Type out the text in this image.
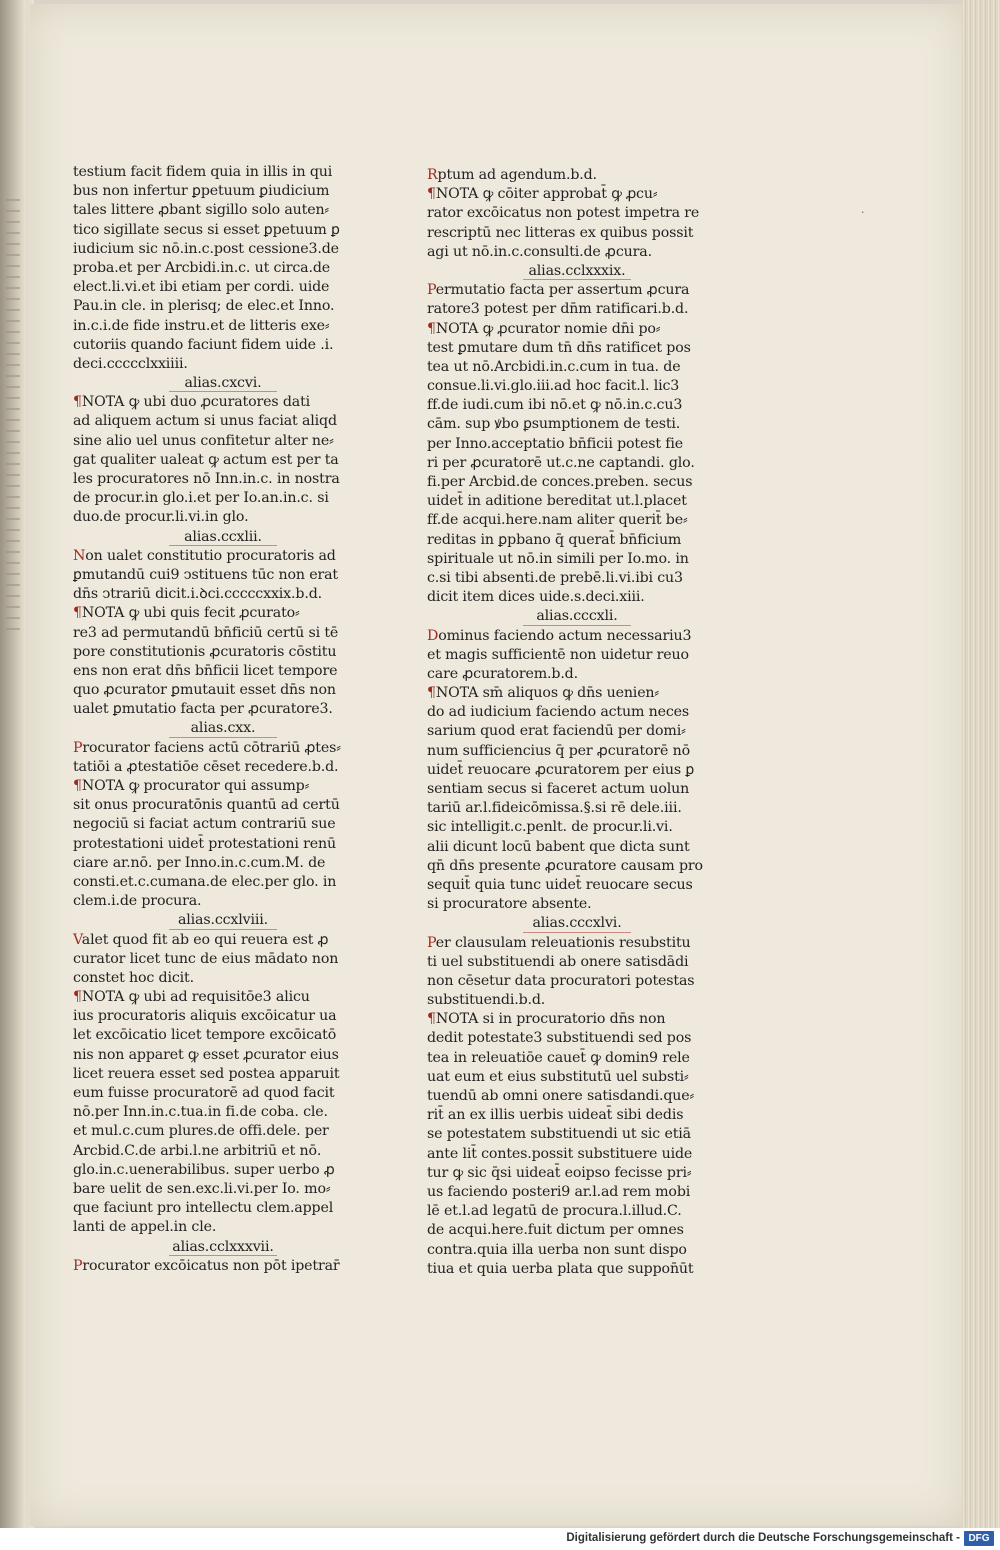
·
testium facit fidem quia in illis in qui
bus non infertur ꝑpetuum ꝑiudicium
tales littere ꝓbant sigillo solo auten⸗
tico sigillate secus si esset ꝑpetuum ꝑ
iudicium sic nō.in.c.post cessione3.de
proba.et per Arcbidi.in.c. ut circa.de
elect.li.vi.et ibi etiam per cordi. uide
Pau.in cle. in plerisq; de elec.et Inno.
in.c.i.de fide instru.et de litteris exe⸗
cutoriis quando faciunt fidem uide .i.
deci.ccccclxxiiii.
alias.cxcvi.
¶NOTA ꝙ ubi duo ꝓcuratores dati
ad aliquem actum si unus faciat aliqd
sine alio uel unus confitetur alter ne⸗
gat qualiter ualeat ꝙ actum est per ta
les procuratores nō Inn.in.c. in nostra
de procur.in glo.i.et per Io.an.in.c. si
duo.de procur.li.vi.in glo.
alias.ccxlii.
Non ualet constitutio procuratoris ad
ꝑmutandū cui9 ↄstituens tūc non erat
dn̄s ↄtrariū dicit.i.ꝺci.cccccxxix.b.d.
¶NOTA ꝙ ubi quis fecit ꝓcurato⸗
re3 ad permutandū bn̄ficiū certū si tē
pore constitutionis ꝓcuratoris cōstitu
ens non erat dn̄s bn̄ficii licet tempore
quo ꝓcurator ꝑmutauit esset dn̄s non
ualet ꝑmutatio facta per ꝓcuratore3.
alias.cxx.
Procurator faciens actū cōtrariū ꝓtes⸗
tatiōi a ꝓtestatiōe cēset recedere.b.d.
¶NOTA ꝙ procurator qui assump⸗
sit onus procuratōnis quantū ad certū
negociū si faciat actum contrariū sue
protestationi uidet̄ protestationi renū
ciare ar.nō. per Inno.in.c.cum.M. de
consti.et.c.cumana.de elec.per glo. in
clem.i.de procura.
alias.ccxlviii.
Valet quod fit ab eo qui reuera est ꝓ
curator licet tunc de eius mādato non
constet hoc dicit.
¶NOTA ꝙ ubi ad requisitōe3 alicu
ius procuratoris aliquis excōicatur ua
let excōicatio licet tempore excōicatō
nis non apparet ꝙ esset ꝓcurator eius
licet reuera esset sed postea apparuit
eum fuisse procuratorē ad quod facit
nō.per Inn.in.c.tua.in fi.de coba. cle.
et mul.c.cum plures.de offi.dele. per
Arcbid.C.de arbi.l.ne arbitriū et nō.
glo.in.c.uenerabilibus. super uerbo ꝓ
bare uelit de sen.exc.li.vi.per Io. mo⸗
que faciunt pro intellectu clem.appel
lanti de appel.in cle.
alias.cclxxxvii.
Procurator excōicatus non pōt ipetrar̄
Rptum ad agendum.b.d.
¶NOTA ꝙ cōiter approbat̄ ꝙ ꝓcu⸗
rator excōicatus non potest impetra re
rescriptū nec litteras ex quibus possit
agi ut nō.in.c.consulti.de ꝓcura.
alias.cclxxxix.
Permutatio facta per assertum ꝓcura
ratore3 potest per dn̄m ratificari.b.d.
¶NOTA ꝙ ꝓcurator nomie dn̄i po⸗
test ꝑmutare dum tn̄ dn̄s ratificet pos
tea ut nō.Arcbidi.in.c.cum in tua. de
consue.li.vi.glo.iii.ad hoc facit.l. lic3
ff.de iudi.cum ibi nō.et ꝙ nō.in.c.cu3
cām. sup ꝟbo ꝑsumptionem de testi.
per Inno.acceptatio bn̄ficii potest fie
ri per ꝓcuratorē ut.c.ne captandi. glo.
fi.per Arcbid.de conces.preben. secus
uidet̄ in aditione bereditat ut.l.placet
ff.de acqui.here.nam aliter querit̄ be⸗
reditas in ꝑpbano q̄ querat̄ bn̄ficium
spirituale ut nō.in simili per Io.mo. in
c.si tibi absenti.de prebē.li.vi.ibi cu3
dicit item dices uide.s.deci.xiii.
alias.cccxli.
Dominus faciendo actum necessariu3
et magis sufficientē non uidetur reuo
care ꝓcuratorem.b.d.
¶NOTA sm̄ aliquos ꝙ dn̄s uenien⸗
do ad iudicium faciendo actum neces
sarium quod erat faciendū per domi⸗
num sufficiencius q̄ per ꝓcuratorē nō
uidet̄ reuocare ꝓcuratorem per eius ꝑ
sentiam secus si faceret actum uolun
tariū ar.l.fideicōmissa.§.si rē dele.iii.
sic intelligit.c.penlt. de procur.li.vi.
alii dicunt locū babent que dicta sunt
qn̄ dn̄s presente ꝓcuratore causam pro
sequit̄ quia tunc uidet̄ reuocare secus
si procuratore absente.
alias.cccxlvi.
Per clausulam releuationis resubstitu
ti uel substituendi ab onere satisdādi
non cēsetur data procuratori potestas
substituendi.b.d.
¶NOTA si in procuratorio dn̄s non
dedit potestate3 substituendi sed pos
tea in releuatiōe cauet̄ ꝙ domin9 rele
uat eum et eius substitutū uel substi⸗
tuendū ab omni onere satisdandi.que⸗
rit̄ an ex illis uerbis uideat̄ sibi dedis
se potestatem substituendi ut sic etiā
ante lit̄ contes.possit substituere uide
tur ꝙ sic q̄si uideat̄ eoipso fecisse pri⸗
us faciendo posteri9 ar.l.ad rem mobi
lē et.l.ad legatū de procura.l.illud.C.
de acqui.here.fuit dictum per omnes
contra.quia illa uerba non sunt dispo
tiua et quia uerba plata que suppon̄ūt
Digitalisierung gefördert durch die Deutsche Forschungsgemeinschaft - DFG
